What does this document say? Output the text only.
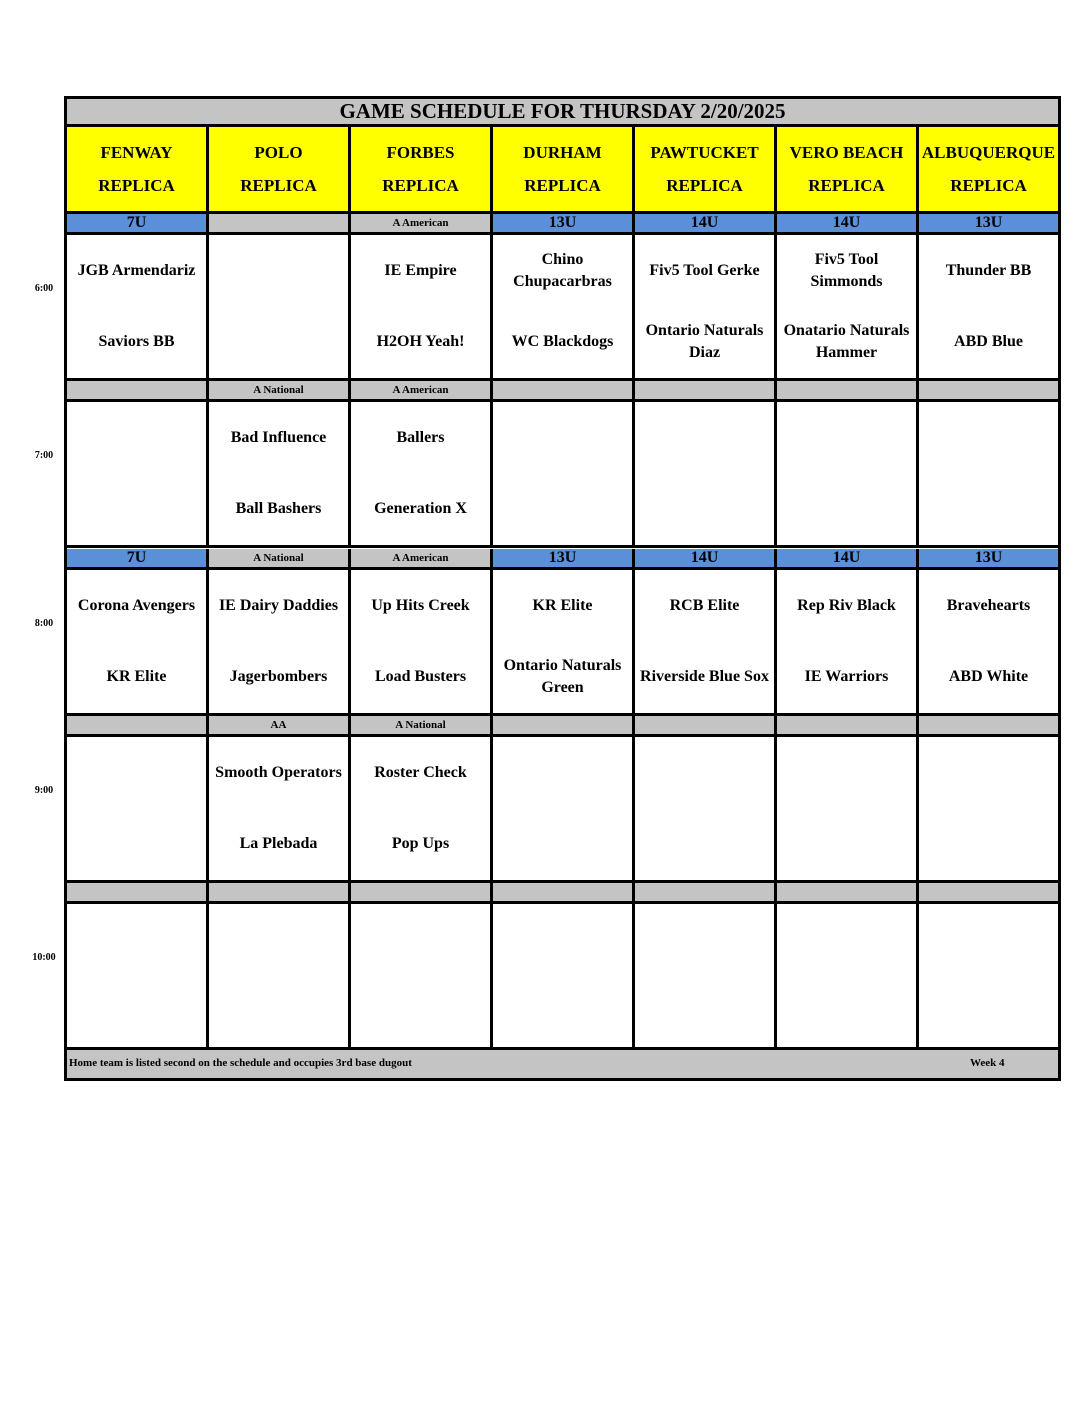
GAME SCHEDULE FOR THURSDAY 2/20/2025
FENWAY
REPLICA
POLO
REPLICA
FORBES
REPLICA
DURHAM
REPLICA
PAWTUCKET
REPLICA
VERO BEACH
REPLICA
ALBUQUERQUE
REPLICA
7U
JGB Armendariz
Saviors BB
A American
IE Empire
H2OH Yeah!
13U
Chino Chupacarbras
WC Blackdogs
14U
Fiv5 Tool Gerke
Ontario Naturals Diaz
14U
Fiv5 Tool Simmonds
Onatario Naturals Hammer
13U
Thunder BB
ABD Blue
A National
Bad Influence
Ball Bashers
A American
Ballers
Generation X
7U
Corona Avengers
KR Elite
A National
IE Dairy Daddies
Jagerbombers
A American
Up Hits Creek
Load Busters
13U
KR Elite
Ontario Naturals Green
14U
RCB Elite
Riverside Blue Sox
14U
Rep Riv Black
IE Warriors
13U
Bravehearts
ABD White
AA
Smooth Operators
La Plebada
A National
Roster Check
Pop Ups
Home team is listed second on the schedule and occupies 3rd base dugout	Week 4
6:00
7:00
8:00
9:00
10:00
